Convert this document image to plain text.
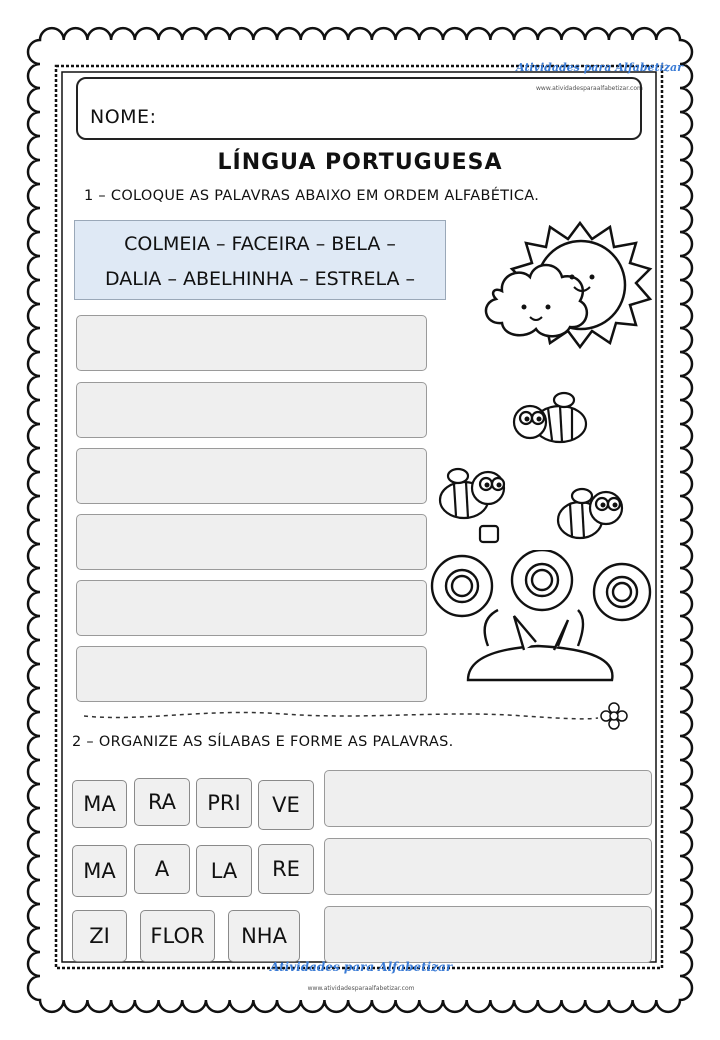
Atividades para Alfabetizar
www.atividadesparaalfabetizar.com
NOME:
LÍNGUA PORTUGUESA
1 – COLOQUE AS PALAVRAS ABAIXO EM ORDEM ALFABÉTICA.
COLMEIA – FACEIRA – BELA –
DALIA – ABELHINHA – ESTRELA –
2 – ORGANIZE AS SÍLABAS E FORME AS PALAVRAS.
MA	RA	PRI	VE
MA	A	LA	RE
ZI	FLOR	NHA
Atividades para Alfabetizar
www.atividadesparaalfabetizar.com
